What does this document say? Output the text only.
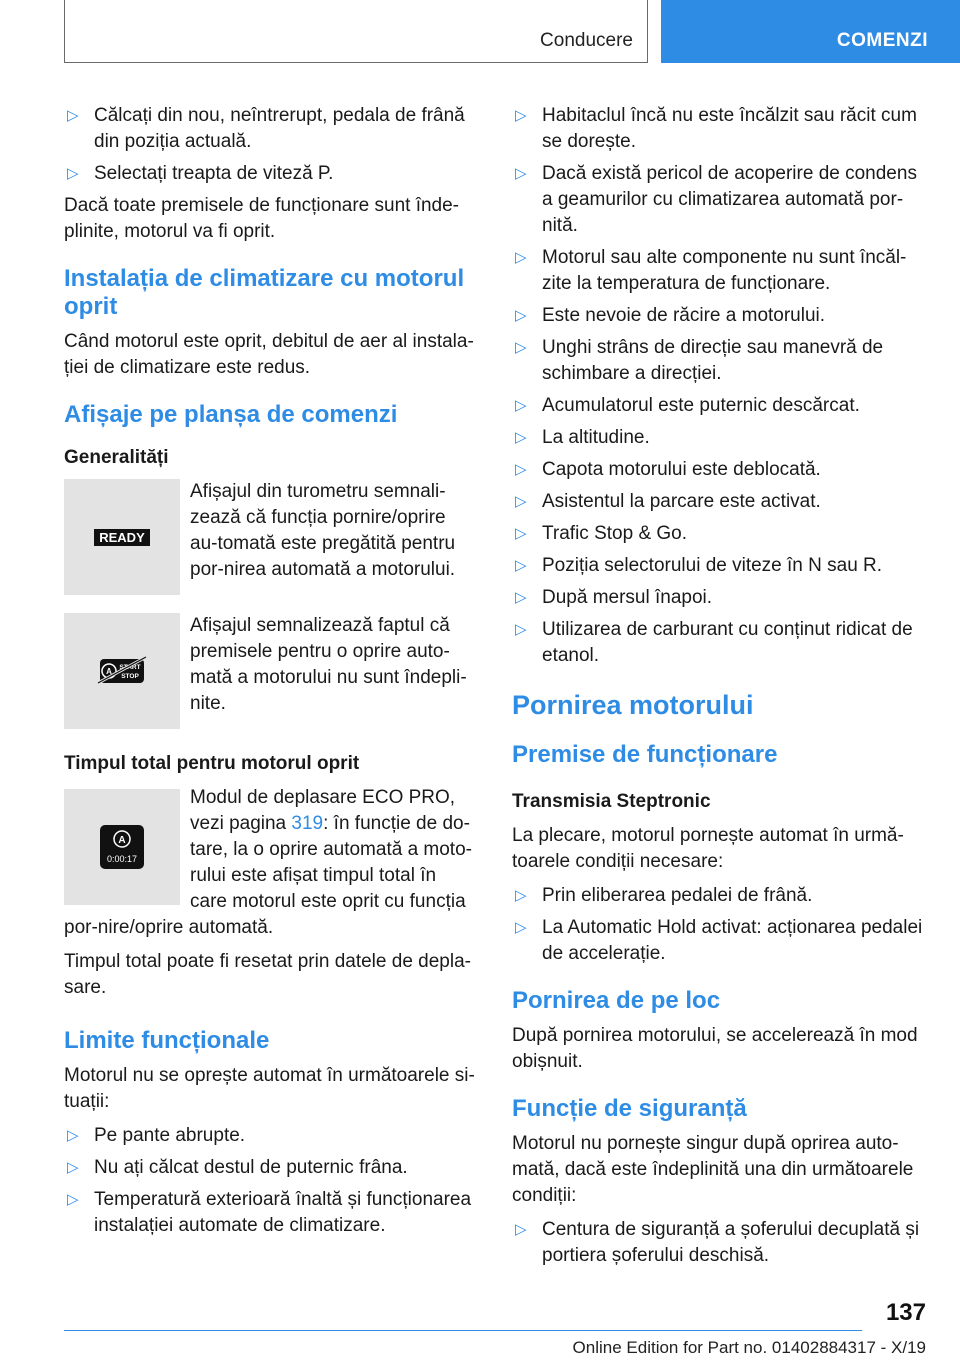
Conducere	COMENZI
▷ Călcați din nou, neîntrerupt, pedala de frână din poziția actuală.
▷ Selectați treapta de viteză P.

Dacă toate premisele de funcționare sunt înde-plinite, motorul va fi oprit.

Instalația de climatizare cu motorul oprit

Când motorul este oprit, debitul de aer al instala-ției de climatizare este redus.

Afișaje pe planșa de comenzi
Generalități
READY
Afișajul din turometru semnali-zează că funcția pornire/oprire au-tomată este pregătită pentru por-nirea automată a motorului.
A START
STOP
Afișajul semnalizează faptul că premisele pentru o oprire auto-mată a motorului nu sunt îndepli-nite.
Timpul total pentru motorul oprit
A
0:00:17

Modul de deplasare ECO PRO, vezi pagina 319: în funcție de do-tare, la o oprire automată a moto-rului este afișat timpul total în care motorul este oprit cu funcția por-nire/oprire automată.

Timpul total poate fi resetat prin datele de depla-sare.

Limite funcționale

Motorul nu se oprește automat în următoarele si-tuații:

▷ Pe pante abrupte.
▷ Nu ați călcat destul de puternic frâna.
▷ Temperatură exterioară înaltă și funcționarea instalației automate de climatizare.
▷ Habitaclul încă nu este încălzit sau răcit cum se dorește.
▷ Dacă există pericol de acoperire de condens a geamurilor cu climatizarea automată por-nită.
▷ Motorul sau alte componente nu sunt încăl-zite la temperatura de funcționare.
▷ Este nevoie de răcire a motorului.
▷ Unghi strâns de direcție sau manevră de schimbare a direcției.
▷ Acumulatorul este puternic descărcat.
▷ La altitudine.
▷ Capota motorului este deblocată.
▷ Asistentul la parcare este activat.
▷ Trafic Stop & Go.
▷ Poziția selectorului de viteze în N sau R.
▷ După mersul înapoi.
▷ Utilizarea de carburant cu conținut ridicat de etanol.
Pornirea motorului
Premise de funcționare
Transmisia Steptronic

La plecare, motorul pornește automat în urmă-toarele condiții necesare:

▷ Prin eliberarea pedalei de frână.
▷ La Automatic Hold activat: acționarea pedalei de accelerație.
Pornirea de pe loc

După pornirea motorului, se accelerează în mod obișnuit.

Funcție de siguranță

Motorul nu pornește singur după oprirea auto-mată, dacă este îndeplinită una din următoarele condiții:

▷ Centura de siguranță a șoferului decuplată și portiera șoferului deschisă.
137
Online Edition for Part no. 01402884317 - X/19
